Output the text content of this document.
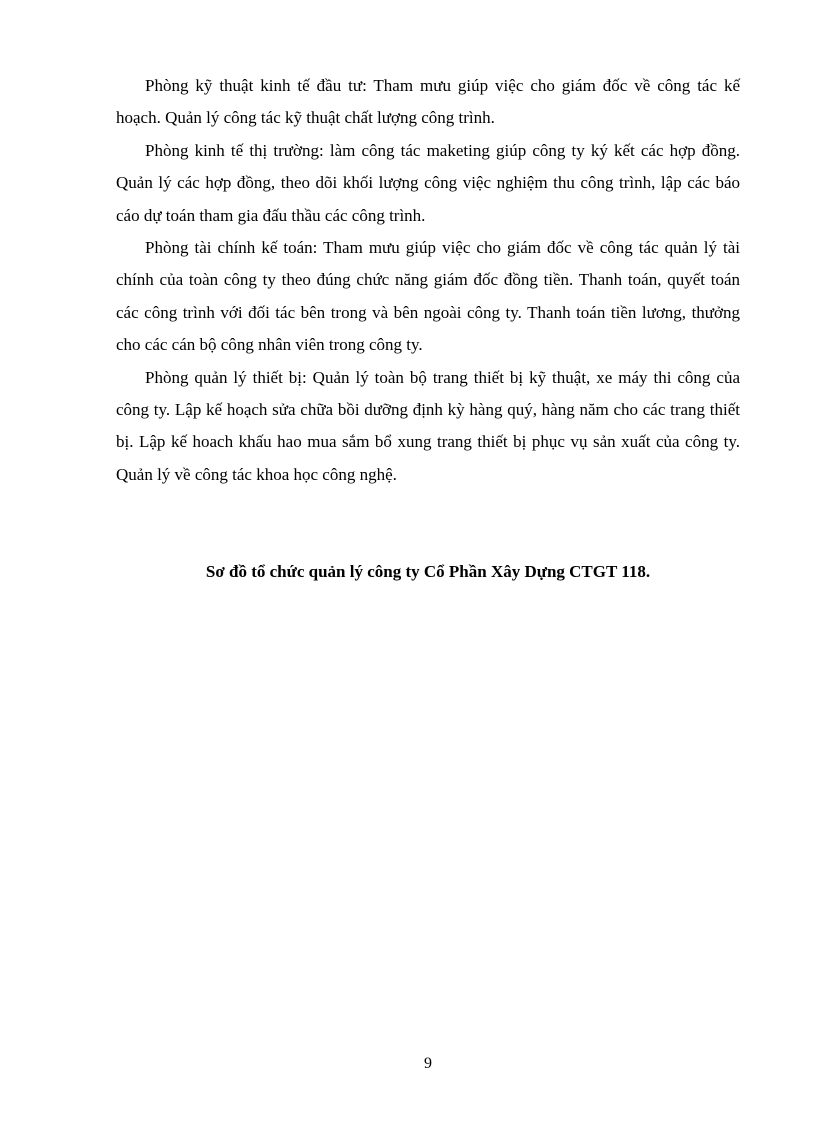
Phòng kỹ thuật kinh tế đầu tư: Tham mưu giúp việc cho giám đốc về công tác kế hoạch. Quản lý công tác kỹ thuật chất lượng công trình.

Phòng kinh tế thị trường: làm công tác maketing giúp công ty ký kết các hợp đồng. Quản lý các hợp đồng, theo dõi khối lượng công việc nghiệm thu công trình, lập các báo cáo dự toán tham gia đấu thầu các công trình.

Phòng tài chính kế toán: Tham mưu giúp việc cho giám đốc về công tác quản lý tài chính của toàn công ty theo đúng chức năng giám đốc đồng tiền. Thanh toán, quyết toán các công trình với đối tác bên trong và bên ngoài công ty. Thanh toán tiền lương, thưởng cho các cán bộ công nhân viên trong công ty.

Phòng quản lý thiết bị: Quản lý toàn bộ trang thiết bị kỹ thuật, xe máy thi công của công ty. Lập kế hoạch sửa chữa bồi dưỡng định kỳ hàng quý, hàng năm cho các trang thiết bị. Lập kế hoach khấu hao mua sắm bổ xung trang thiết bị phục vụ sản xuất của công ty. Quản lý về công tác khoa học công nghệ.

Sơ đồ tổ chức quản lý công ty Cổ Phần Xây Dựng CTGT 118.

9
